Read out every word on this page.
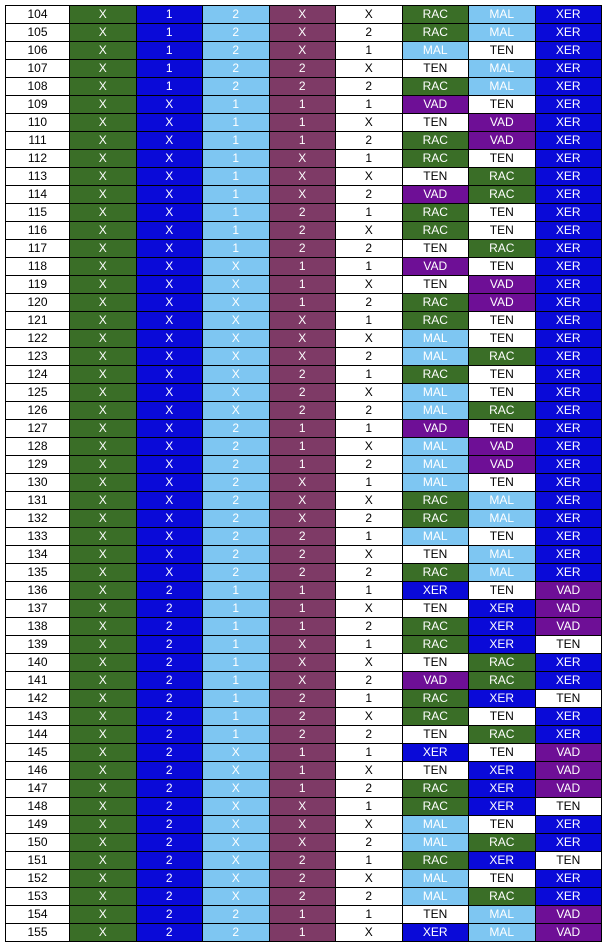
104	X	1	2	X	X	RAC	MAL	XER
105	X	1	2	X	2	RAC	MAL	XER
106	X	1	2	X	1	MAL	TEN	XER
107	X	1	2	2	X	TEN	MAL	XER
108	X	1	2	2	2	RAC	MAL	XER
109	X	X	1	1	1	VAD	TEN	XER
110	X	X	1	1	X	TEN	VAD	XER
111	X	X	1	1	2	RAC	VAD	XER
112	X	X	1	X	1	RAC	TEN	XER
113	X	X	1	X	X	TEN	RAC	XER
114	X	X	1	X	2	VAD	RAC	XER
115	X	X	1	2	1	RAC	TEN	XER
116	X	X	1	2	X	RAC	TEN	XER
117	X	X	1	2	2	TEN	RAC	XER
118	X	X	X	1	1	VAD	TEN	XER
119	X	X	X	1	X	TEN	VAD	XER
120	X	X	X	1	2	RAC	VAD	XER
121	X	X	X	X	1	RAC	TEN	XER
122	X	X	X	X	X	MAL	TEN	XER
123	X	X	X	X	2	MAL	RAC	XER
124	X	X	X	2	1	RAC	TEN	XER
125	X	X	X	2	X	MAL	TEN	XER
126	X	X	X	2	2	MAL	RAC	XER
127	X	X	2	1	1	VAD	TEN	XER
128	X	X	2	1	X	MAL	VAD	XER
129	X	X	2	1	2	MAL	VAD	XER
130	X	X	2	X	1	MAL	TEN	XER
131	X	X	2	X	X	RAC	MAL	XER
132	X	X	2	X	2	RAC	MAL	XER
133	X	X	2	2	1	MAL	TEN	XER
134	X	X	2	2	X	TEN	MAL	XER
135	X	X	2	2	2	RAC	MAL	XER
136	X	2	1	1	1	XER	TEN	VAD
137	X	2	1	1	X	TEN	XER	VAD
138	X	2	1	1	2	RAC	XER	VAD
139	X	2	1	X	1	RAC	XER	TEN
140	X	2	1	X	X	TEN	RAC	XER
141	X	2	1	X	2	VAD	RAC	XER
142	X	2	1	2	1	RAC	XER	TEN
143	X	2	1	2	X	RAC	TEN	XER
144	X	2	1	2	2	TEN	RAC	XER
145	X	2	X	1	1	XER	TEN	VAD
146	X	2	X	1	X	TEN	XER	VAD
147	X	2	X	1	2	RAC	XER	VAD
148	X	2	X	X	1	RAC	XER	TEN
149	X	2	X	X	X	MAL	TEN	XER
150	X	2	X	X	2	MAL	RAC	XER
151	X	2	X	2	1	RAC	XER	TEN
152	X	2	X	2	X	MAL	TEN	XER
153	X	2	X	2	2	MAL	RAC	XER
154	X	2	2	1	1	TEN	MAL	VAD
155	X	2	2	1	X	XER	MAL	VAD
